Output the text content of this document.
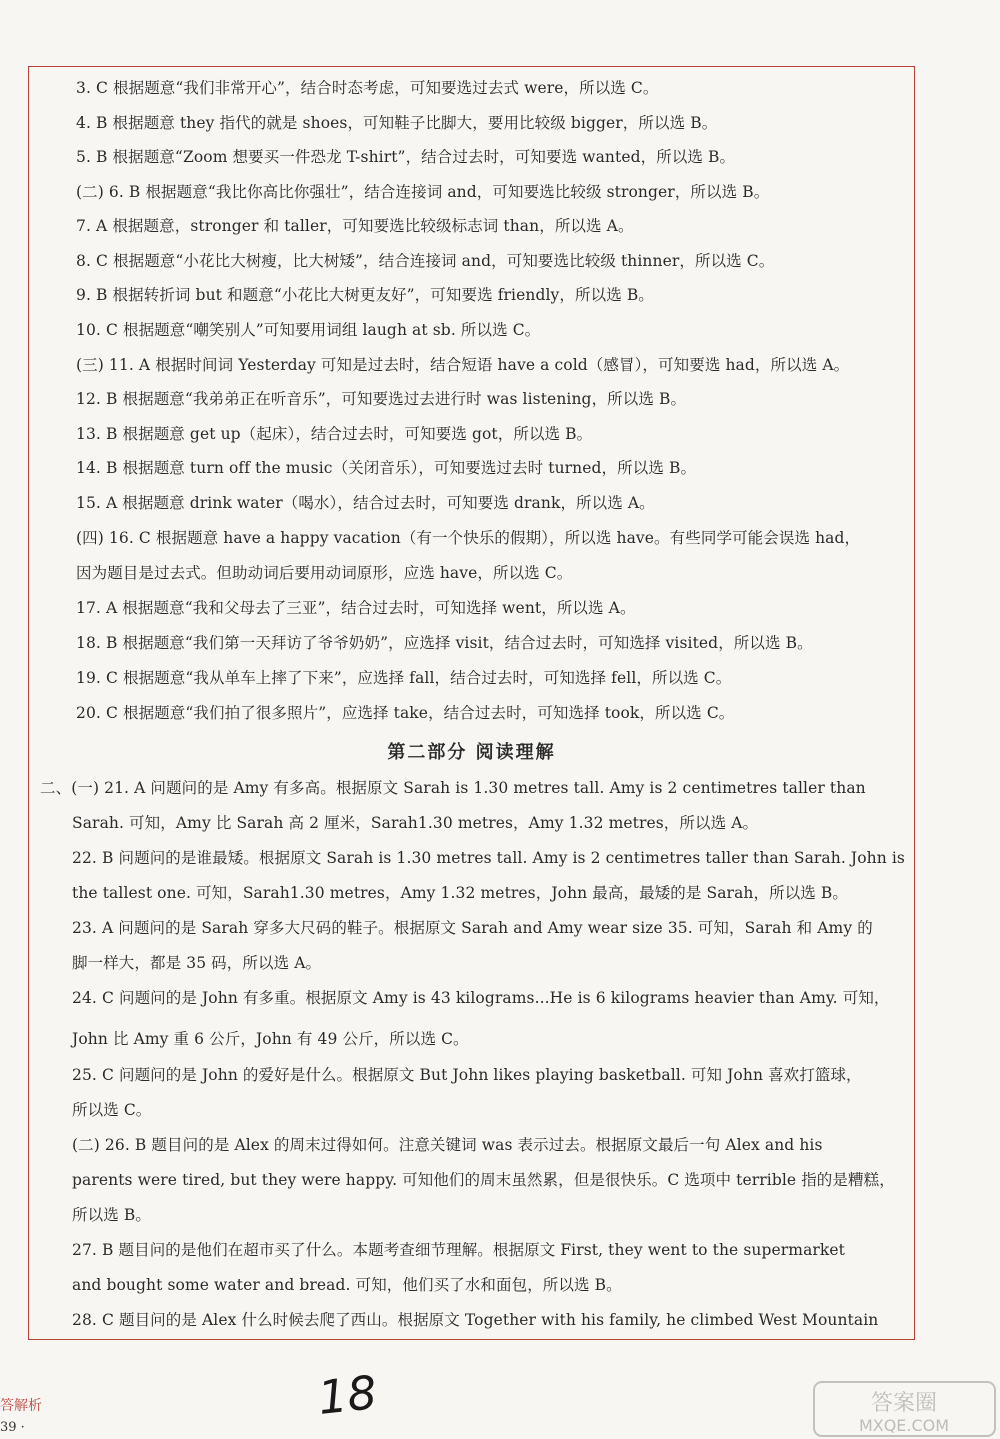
3. C 根据题意“我们非常开心”，结合时态考虑，可知要选过去式 were，所以选 C。
4. B 根据题意 they 指代的就是 shoes，可知鞋子比脚大，要用比较级 bigger，所以选 B。
5. B 根据题意“Zoom 想要买一件恐龙 T-shirt”，结合过去时，可知要选 wanted，所以选 B。
(二) 6. B 根据题意“我比你高比你强壮”，结合连接词 and，可知要选比较级 stronger，所以选 B。
7. A 根据题意，stronger 和 taller，可知要选比较级标志词 than，所以选 A。
8. C 根据题意“小花比大树瘦，比大树矮”，结合连接词 and，可知要选比较级 thinner，所以选 C。
9. B 根据转折词 but 和题意“小花比大树更友好”，可知要选 friendly，所以选 B。
10. C 根据题意“嘲笑别人”可知要用词组 laugh at sb. 所以选 C。
(三) 11. A 根据时间词 Yesterday 可知是过去时，结合短语 have a cold（感冒），可知要选 had，所以选 A。
12. B 根据题意“我弟弟正在听音乐”，可知要选过去进行时 was listening，所以选 B。
13. B 根据题意 get up（起床），结合过去时，可知要选 got，所以选 B。
14. B 根据题意 turn off the music（关闭音乐），可知要选过去时 turned，所以选 B。
15. A 根据题意 drink water（喝水），结合过去时，可知要选 drank，所以选 A。
(四) 16. C 根据题意 have a happy vacation（有一个快乐的假期），所以选 have。有些同学可能会误选 had，
因为题目是过去式。但助动词后要用动词原形，应选 have，所以选 C。
17. A 根据题意“我和父母去了三亚”，结合过去时，可知选择 went，所以选 A。
18. B 根据题意“我们第一天拜访了爷爷奶奶”，应选择 visit，结合过去时，可知选择 visited，所以选 B。
19. C 根据题意“我从单车上摔了下来”，应选择 fall，结合过去时，可知选择 fell，所以选 C。
20. C 根据题意“我们拍了很多照片”，应选择 take，结合过去时，可知选择 took，所以选 C。
第二部分 阅读理解
二、(一) 21. A 问题问的是 Amy 有多高。根据原文 Sarah is 1.30 metres tall. Amy is 2 centimetres taller than
Sarah. 可知，Amy 比 Sarah 高 2 厘米，Sarah1.30 metres，Amy 1.32 metres，所以选 A。
22. B 问题问的是谁最矮。根据原文 Sarah is 1.30 metres tall. Amy is 2 centimetres taller than Sarah. John is
the tallest one. 可知，Sarah1.30 metres，Amy 1.32 metres，John 最高，最矮的是 Sarah，所以选 B。
23. A 问题问的是 Sarah 穿多大尺码的鞋子。根据原文 Sarah and Amy wear size 35. 可知，Sarah 和 Amy 的
脚一样大，都是 35 码，所以选 A。
24. C 问题问的是 John 有多重。根据原文 Amy is 43 kilograms...He is 6 kilograms heavier than Amy. 可知，
John 比 Amy 重 6 公斤，John 有 49 公斤，所以选 C。
25. C 问题问的是 John 的爱好是什么。根据原文 But John likes playing basketball. 可知 John 喜欢打篮球，
所以选 C。
(二) 26. B 题目问的是 Alex 的周末过得如何。注意关键词 was 表示过去。根据原文最后一句 Alex and his
parents were tired, but they were happy. 可知他们的周末虽然累，但是很快乐。C 选项中 terrible 指的是糟糕，
所以选 B。
27. B 题目问的是他们在超市买了什么。本题考查细节理解。根据原文 First, they went to the supermarket
and bought some water and bread. 可知，他们买了水和面包，所以选 B。
28. C 题目问的是 Alex 什么时候去爬了西山。根据原文 Together with his family, he climbed West Mountain
答解析
39 ·
18	答案圈
MXQE.COM
